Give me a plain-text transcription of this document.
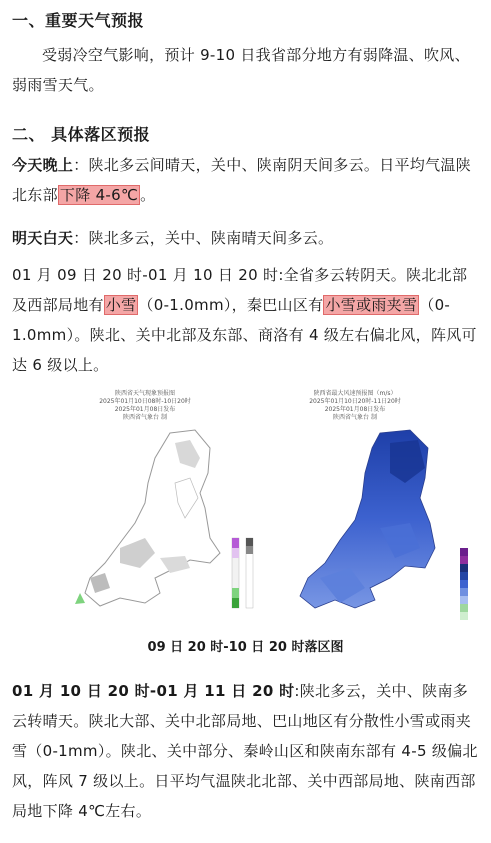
一、重要天气预报
受弱冷空气影响，预计 9-10 日我省部分地方有弱降温、吹风、弱雨雪天气。
二、 具体落区预报
今天晚上：陕北多云间晴天，关中、陕南阴天间多云。日平均气温陕北东部 下降 4-6℃ 。
明天白天：陕北多云，关中、陕南晴天间多云。
01 月 09 日 20 时-01 月 10 日 20 时:全省多云转阴天。陕北北部及西部局地有 小雪 （0-1.0mm），秦巴山区有 小雪或雨夹雪 （0-1.0mm）。陕北、关中北部及东部、商洛有 4 级左右偏北风，阵风可达 6 级以上。
陕西省天气现象预报图
2025年01月10日08时-10日20时
2025年01月08日发布
陕西省气象台 制
陕西省最大风速预报图（m/s）
2025年01月10日20时-11日20时
2025年01月08日发布
陕西省气象台 制
09 日 20 时-10 日 20 时落区图
01 月 10 日 20 时-01 月 11 日 20 时:陕北多云，关中、陕南多云转晴天。陕北大部、关中北部局地、巴山地区有分散性小雪或雨夹雪（0-1mm）。陕北、关中部分、秦岭山区和陕南东部有 4-5 级偏北风，阵风 7 级以上。日平均气温陕北北部、关中西部局地、陕南西部局地下降 4℃左右。
